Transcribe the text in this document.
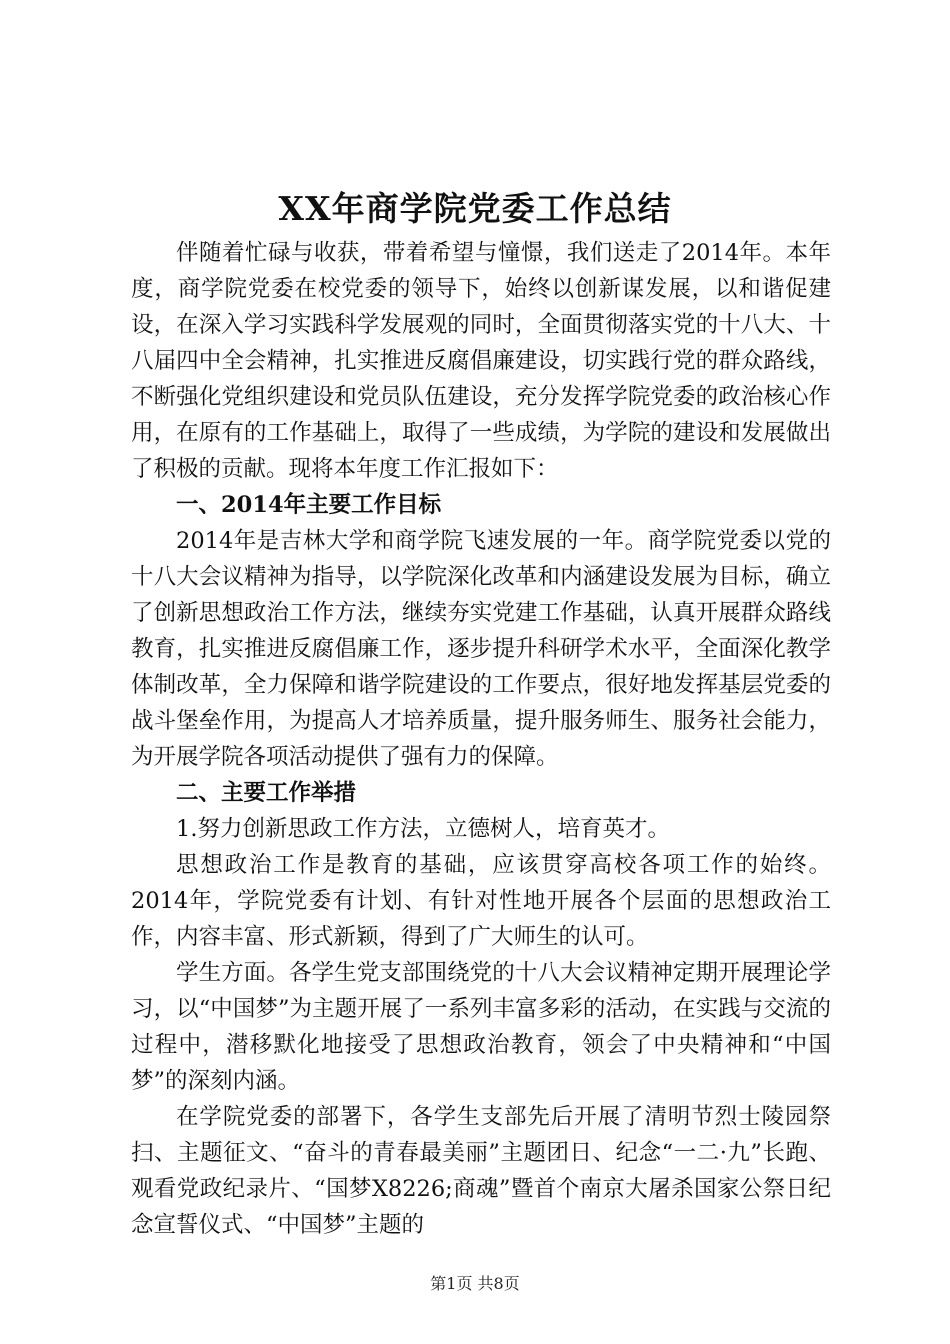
XX年商学院党委工作总结

伴随着忙碌与收获，带着希望与憧憬，我们送走了2014年。本年度，商学院党委在校党委的领导下，始终以创新谋发展，以和谐促建设，在深入学习实践科学发展观的同时，全面贯彻落实党的十八大、十八届四中全会精神，扎实推进反腐倡廉建设，切实践行党的群众路线，不断强化党组织建设和党员队伍建设，充分发挥学院党委的政治核心作用，在原有的工作基础上，取得了一些成绩，为学院的建设和发展做出了积极的贡献。现将本年度工作汇报如下：

一、2014年主要工作目标

2014年是吉林大学和商学院飞速发展的一年。商学院党委以党的十八大会议精神为指导，以学院深化改革和内涵建设发展为目标，确立了创新思想政治工作方法，继续夯实党建工作基础，认真开展群众路线教育，扎实推进反腐倡廉工作，逐步提升科研学术水平，全面深化教学体制改革，全力保障和谐学院建设的工作要点，很好地发挥基层党委的战斗堡垒作用，为提高人才培养质量，提升服务师生、服务社会能力，为开展学院各项活动提供了强有力的保障。

二、主要工作举措

1.努力创新思政工作方法，立德树人，培育英才。

思想政治工作是教育的基础，应该贯穿高校各项工作的始终。2014年，学院党委有计划、有针对性地开展各个层面的思想政治工作，内容丰富、形式新颖，得到了广大师生的认可。

学生方面。各学生党支部围绕党的十八大会议精神定期开展理论学习，以“中国梦”为主题开展了一系列丰富多彩的活动，在实践与交流的过程中，潜移默化地接受了思想政治教育，领会了中央精神和“中国梦”的深刻内涵。

在学院党委的部署下，各学生支部先后开展了清明节烈士陵园祭扫、主题征文、“奋斗的青春最美丽”主题团日、纪念“一二·九”长跑、观看党政纪录片、“国梦X8226;商魂”暨首个南京大屠杀国家公祭日纪念宣誓仪式、“中国梦”主题的

第1页 共8页
